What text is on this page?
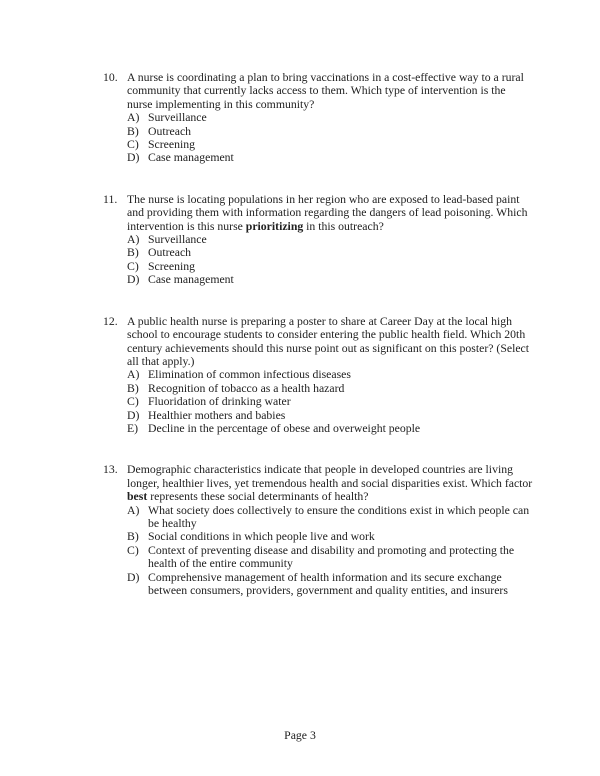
10. A nurse is coordinating a plan to bring vaccinations in a cost-effective way to a rural community that currently lacks access to them. Which type of intervention is the nurse implementing in this community?

A) Surveillance
B) Outreach
C) Screening
D) Case management
11. The nurse is locating populations in her region who are exposed to lead-based paint and providing them with information regarding the dangers of lead poisoning. Which intervention is this nurse prioritizing in this outreach?

A) Surveillance
B) Outreach
C) Screening
D) Case management
12. A public health nurse is preparing a poster to share at Career Day at the local high school to encourage students to consider entering the public health field. Which 20th century achievements should this nurse point out as significant on this poster? (Select all that apply.)

A) Elimination of common infectious diseases
B) Recognition of tobacco as a health hazard
C) Fluoridation of drinking water
D) Healthier mothers and babies
E) Decline in the percentage of obese and overweight people
13. Demographic characteristics indicate that people in developed countries are living longer, healthier lives, yet tremendous health and social disparities exist. Which factor best represents these social determinants of health?

A) What society does collectively to ensure the conditions exist in which people can be healthy
B) Social conditions in which people live and work
C) Context of preventing disease and disability and promoting and protecting the health of the entire community
D) Comprehensive management of health information and its secure exchange between consumers, providers, government and quality entities, and insurers
Page 3
